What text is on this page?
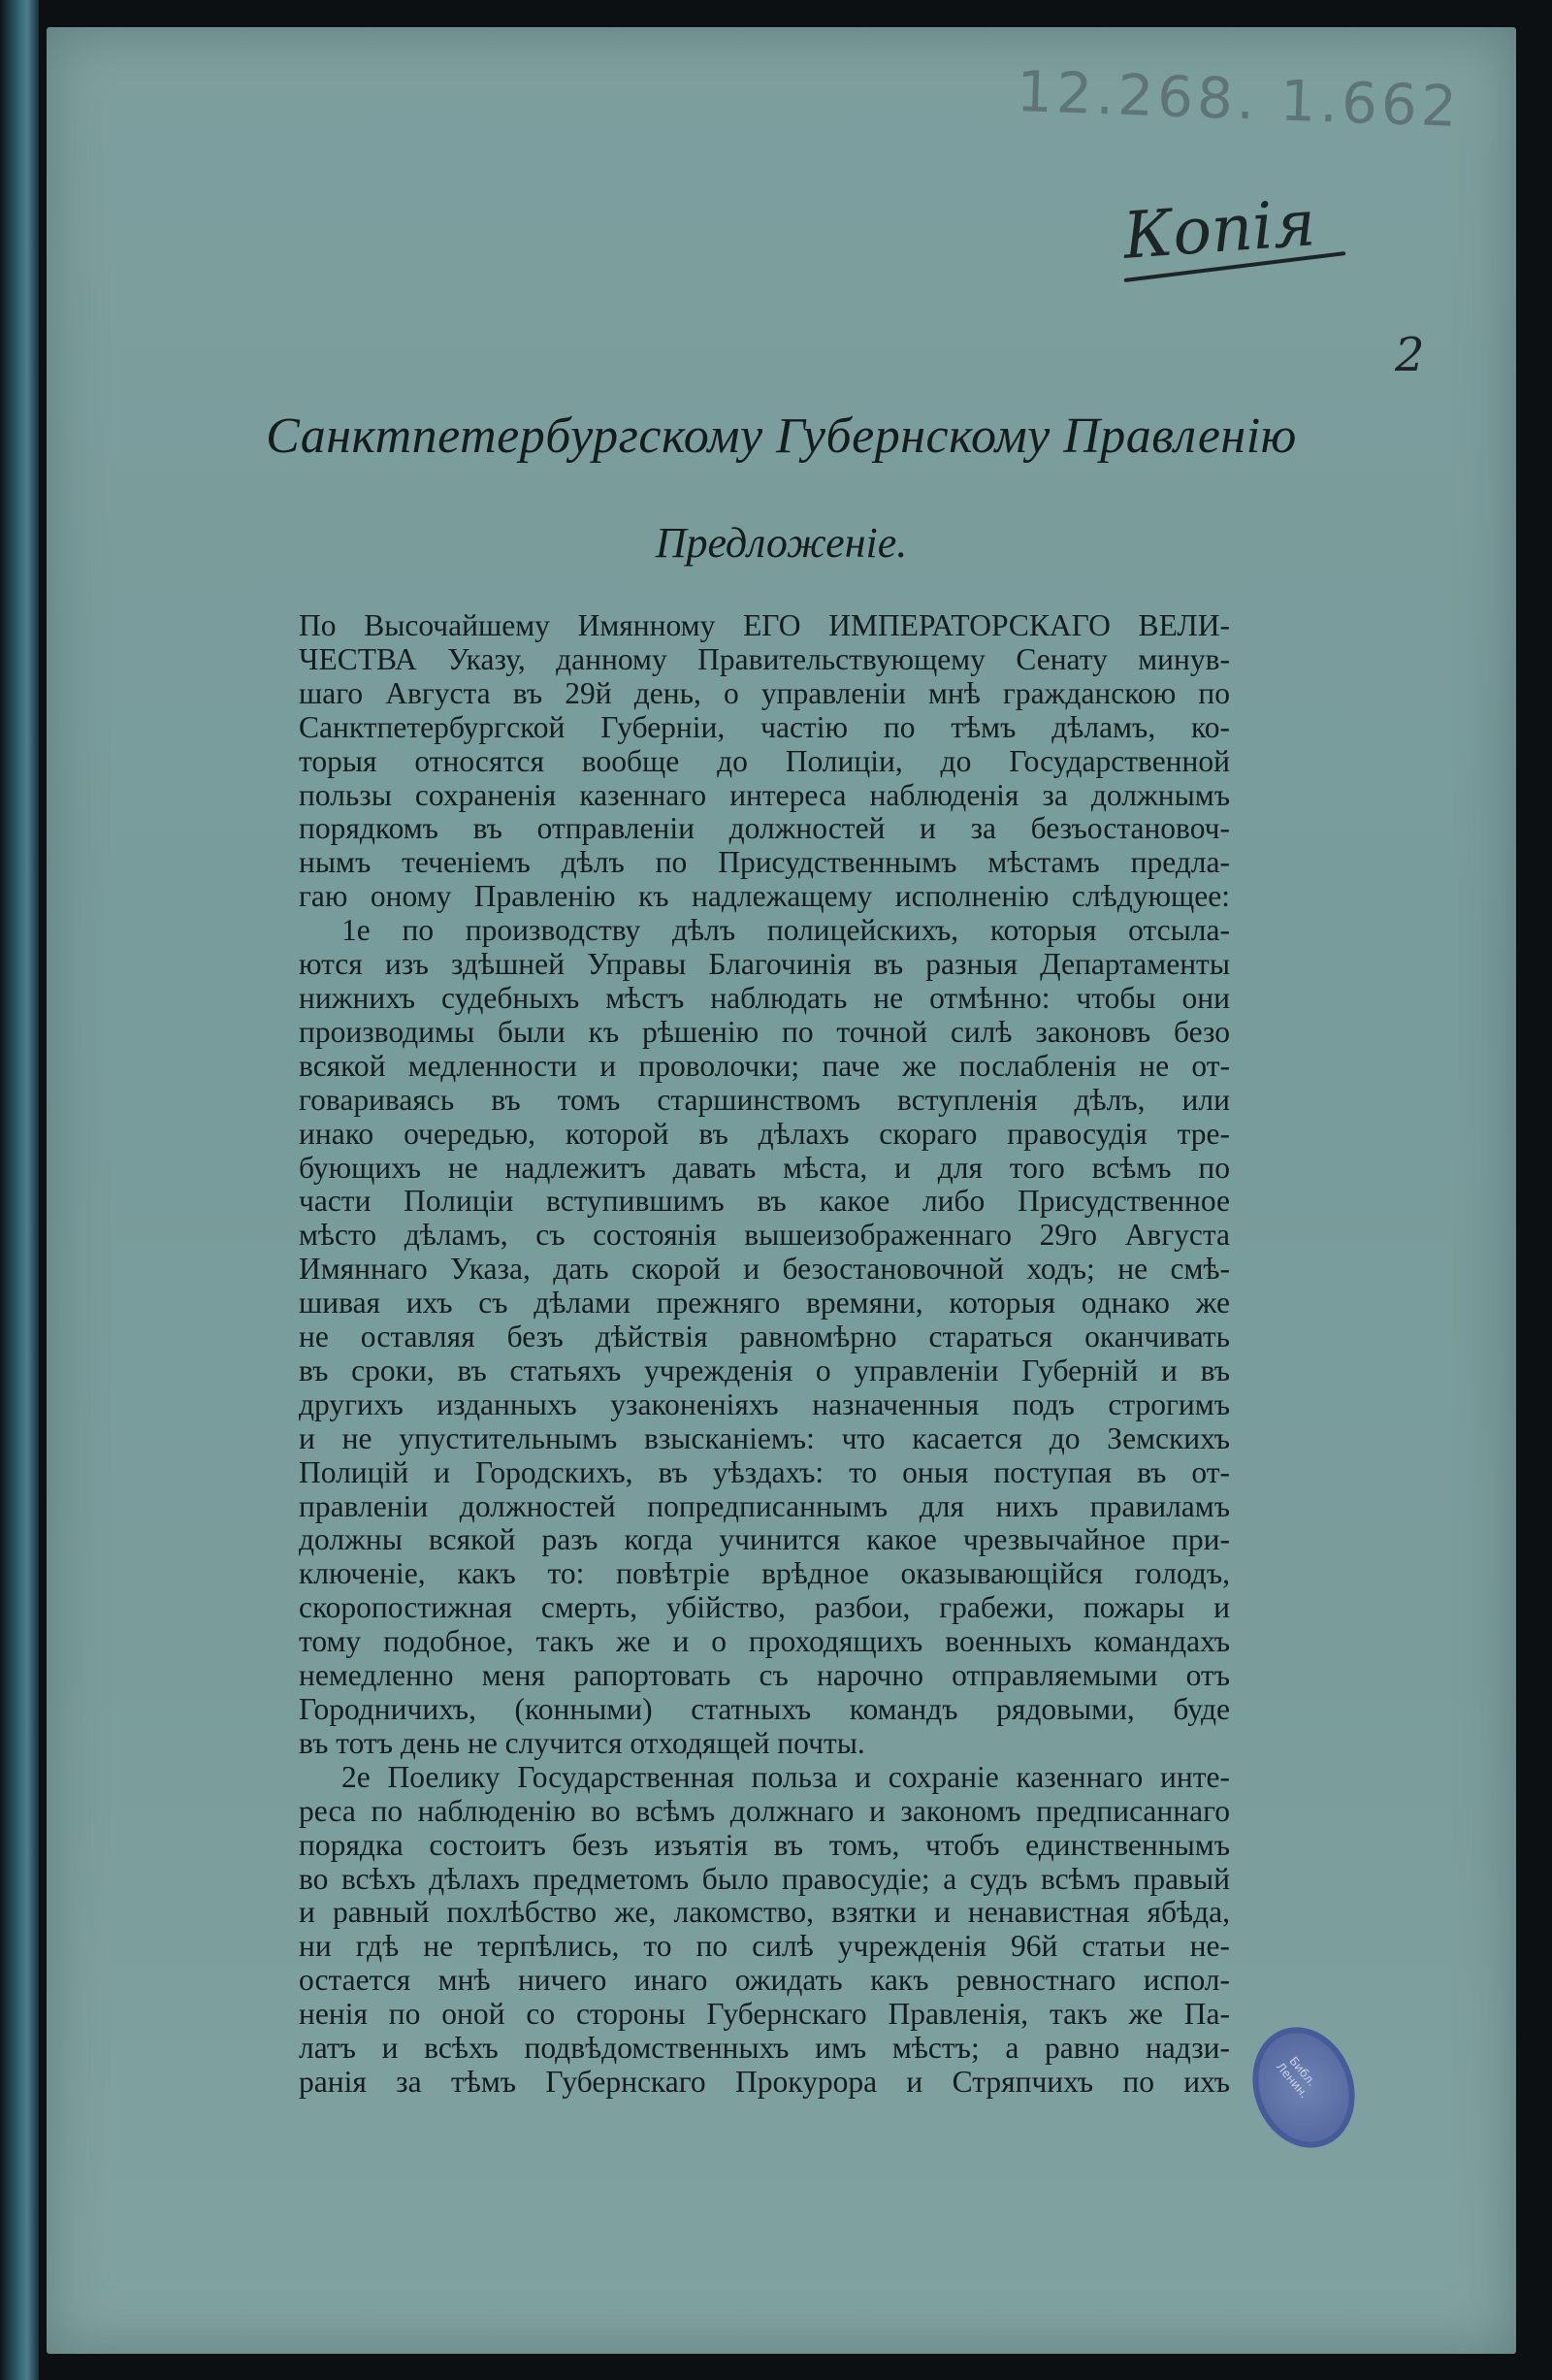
12.268. 1.662
Копія
2
Санктпетербургскому Губернскому Правленію
Предложеніе.
По Высочайшему Имянному ЕГО ИМПЕРАТОРСКАГО ВЕЛИ-
ЧЕСТВА Указу, данному Правительствующему Сенату минув-
шаго Августа въ 29й день, о управленіи мнѣ гражданскою по
Санктпетербургской Губерніи, частію по тѣмъ дѣламъ, ко-
торыя относятся вообще до Полиціи, до Государственной
пользы сохраненія казеннаго интереса наблюденія за должнымъ
порядкомъ въ отправленіи должностей и за безъостановоч-
нымъ теченіемъ дѣлъ по Присудственнымъ мѣстамъ предла-
гаю оному Правленію къ надлежащему исполненію слѣдующее:
1е по производству дѣлъ полицейскихъ, которыя отсыла-
ются изъ здѣшней Управы Благочинія въ разныя Департаменты
нижнихъ судебныхъ мѣстъ наблюдать не отмѣнно: чтобы они
производимы были къ рѣшенію по точной силѣ законовъ безо
всякой медленности и проволочки; паче же послабленія не от-
говариваясь въ томъ старшинствомъ вступленія дѣлъ, или
инако очередью, которой въ дѣлахъ скораго правосудія тре-
бующихъ не надлежитъ давать мѣста, и для того всѣмъ по
части Полиціи вступившимъ въ какое либо Присудственное
мѣсто дѣламъ, съ состоянія вышеизображеннаго 29го Августа
Имяннаго Указа, дать скорой и безостановочной ходъ; не смѣ-
шивая ихъ съ дѣлами прежняго времяни, которыя однако же
не оставляя безъ дѣйствія равномѣрно стараться оканчивать
въ сроки, въ статьяхъ учрежденія о управленіи Губерній и въ
другихъ изданныхъ узаконеніяхъ назначенныя подъ строгимъ
и не упустительнымъ взысканіемъ: что касается до Земскихъ
Полицій и Городскихъ, въ уѣздахъ: то оныя поступая въ от-
правленіи должностей попредписаннымъ для нихъ правиламъ
должны всякой разъ когда учинится какое чрезвычайное при-
ключеніе, какъ то: повѣтріе врѣдное оказывающійся голодъ,
скоропостижная смерть, убійство, разбои, грабежи, пожары и
тому подобное, такъ же и о проходящихъ военныхъ командахъ
немедленно меня рапортовать съ нарочно отправляемыми отъ
Городничихъ, (конными) статныхъ командъ рядовыми, буде
въ тотъ день не случится отходящей почты.
2е Поелику Государственная польза и сохраніе казеннаго инте-
реса по наблюденію во всѣмъ должнаго и закономъ предписаннаго
порядка состоитъ безъ изъятія въ томъ, чтобъ единственнымъ
во всѣхъ дѣлахъ предметомъ было правосудіе; а судъ всѣмъ правый
и равный похлѣбство же, лакомство, взятки и ненавистная ябѣда,
ни гдѣ не терпѣлись, то по силѣ учрежденія 96й статьи не-
остается мнѣ ничего инаго ожидать какъ ревностнаго испол-
ненія по оной со стороны Губернскаго Правленія, такъ же Па-
латъ и всѣхъ подвѣдомственныхъ имъ мѣстъ; а равно надзи-
ранія за тѣмъ Губернскаго Прокурора и Стряпчихъ по ихъ	Библ. Ленин.
